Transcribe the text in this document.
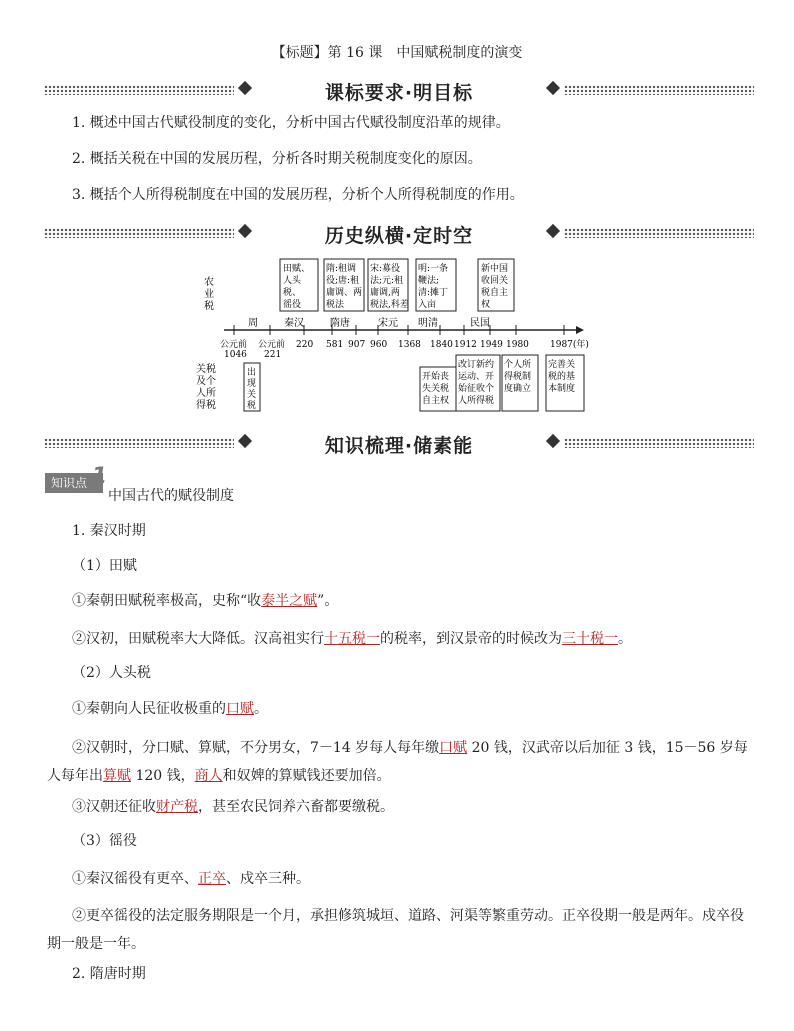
【标题】第 16 课　中国赋税制度的演变
课标要求·明目标
1. 概述中国古代赋役制度的变化，分析中国古代赋役制度沿革的规律。
2. 概括关税在中国的发展历程，分析各时期关税制度变化的原因。
3. 概括个人所得税制度在中国的发展历程，分析个人所得税制度的作用。
历史纵横·定时空
农
业
税
关税
及个
人所
得税
田赋、人头税、徭役
隋:租调
役;唐:租
庸调、两
税法
宋:募役
法;元:租
庸调,两
税法,科差
明:一条
鞭法;
清:摊丁
入亩
新中国
收回关
税自主
权
周	秦汉	隋唐	宋元 明清	民国
公元前
1046
公元前
221
220 581 907 960 1368 1840 1912 1949 1980 1987(年)
出
现
关
税
开始丧
失关税
自主权
改订新约
运动、开
始征收个
人所得税
个人所
得税制
度确立
完善关
税的基
本制度
知识梳理·储素能
知识点 1
中国古代的赋役制度
1. 秦汉时期
（1）田赋
①秦朝田赋税率极高，史称“收泰半之赋”。
②汉初，田赋税率大大降低。汉高祖实行十五税一的税率，到汉景帝的时候改为三十税一。
（2）人头税
①秦朝向人民征收极重的口赋。
②汉朝时，分口赋、算赋，不分男女，7－14 岁每人每年缴口赋 20 钱，汉武帝以后加征 3 钱，15－56 岁每人每年出算赋 120 钱，商人和奴婢的算赋钱还要加倍。
③汉朝还征收财产税，甚至农民饲养六畜都要缴税。
（3）徭役
①秦汉徭役有更卒、正卒、戍卒三种。
②更卒徭役的法定服务期限是一个月，承担修筑城垣、道路、河渠等繁重劳动。正卒役期一般是两年。戍卒役期一般是一年。
2. 隋唐时期
